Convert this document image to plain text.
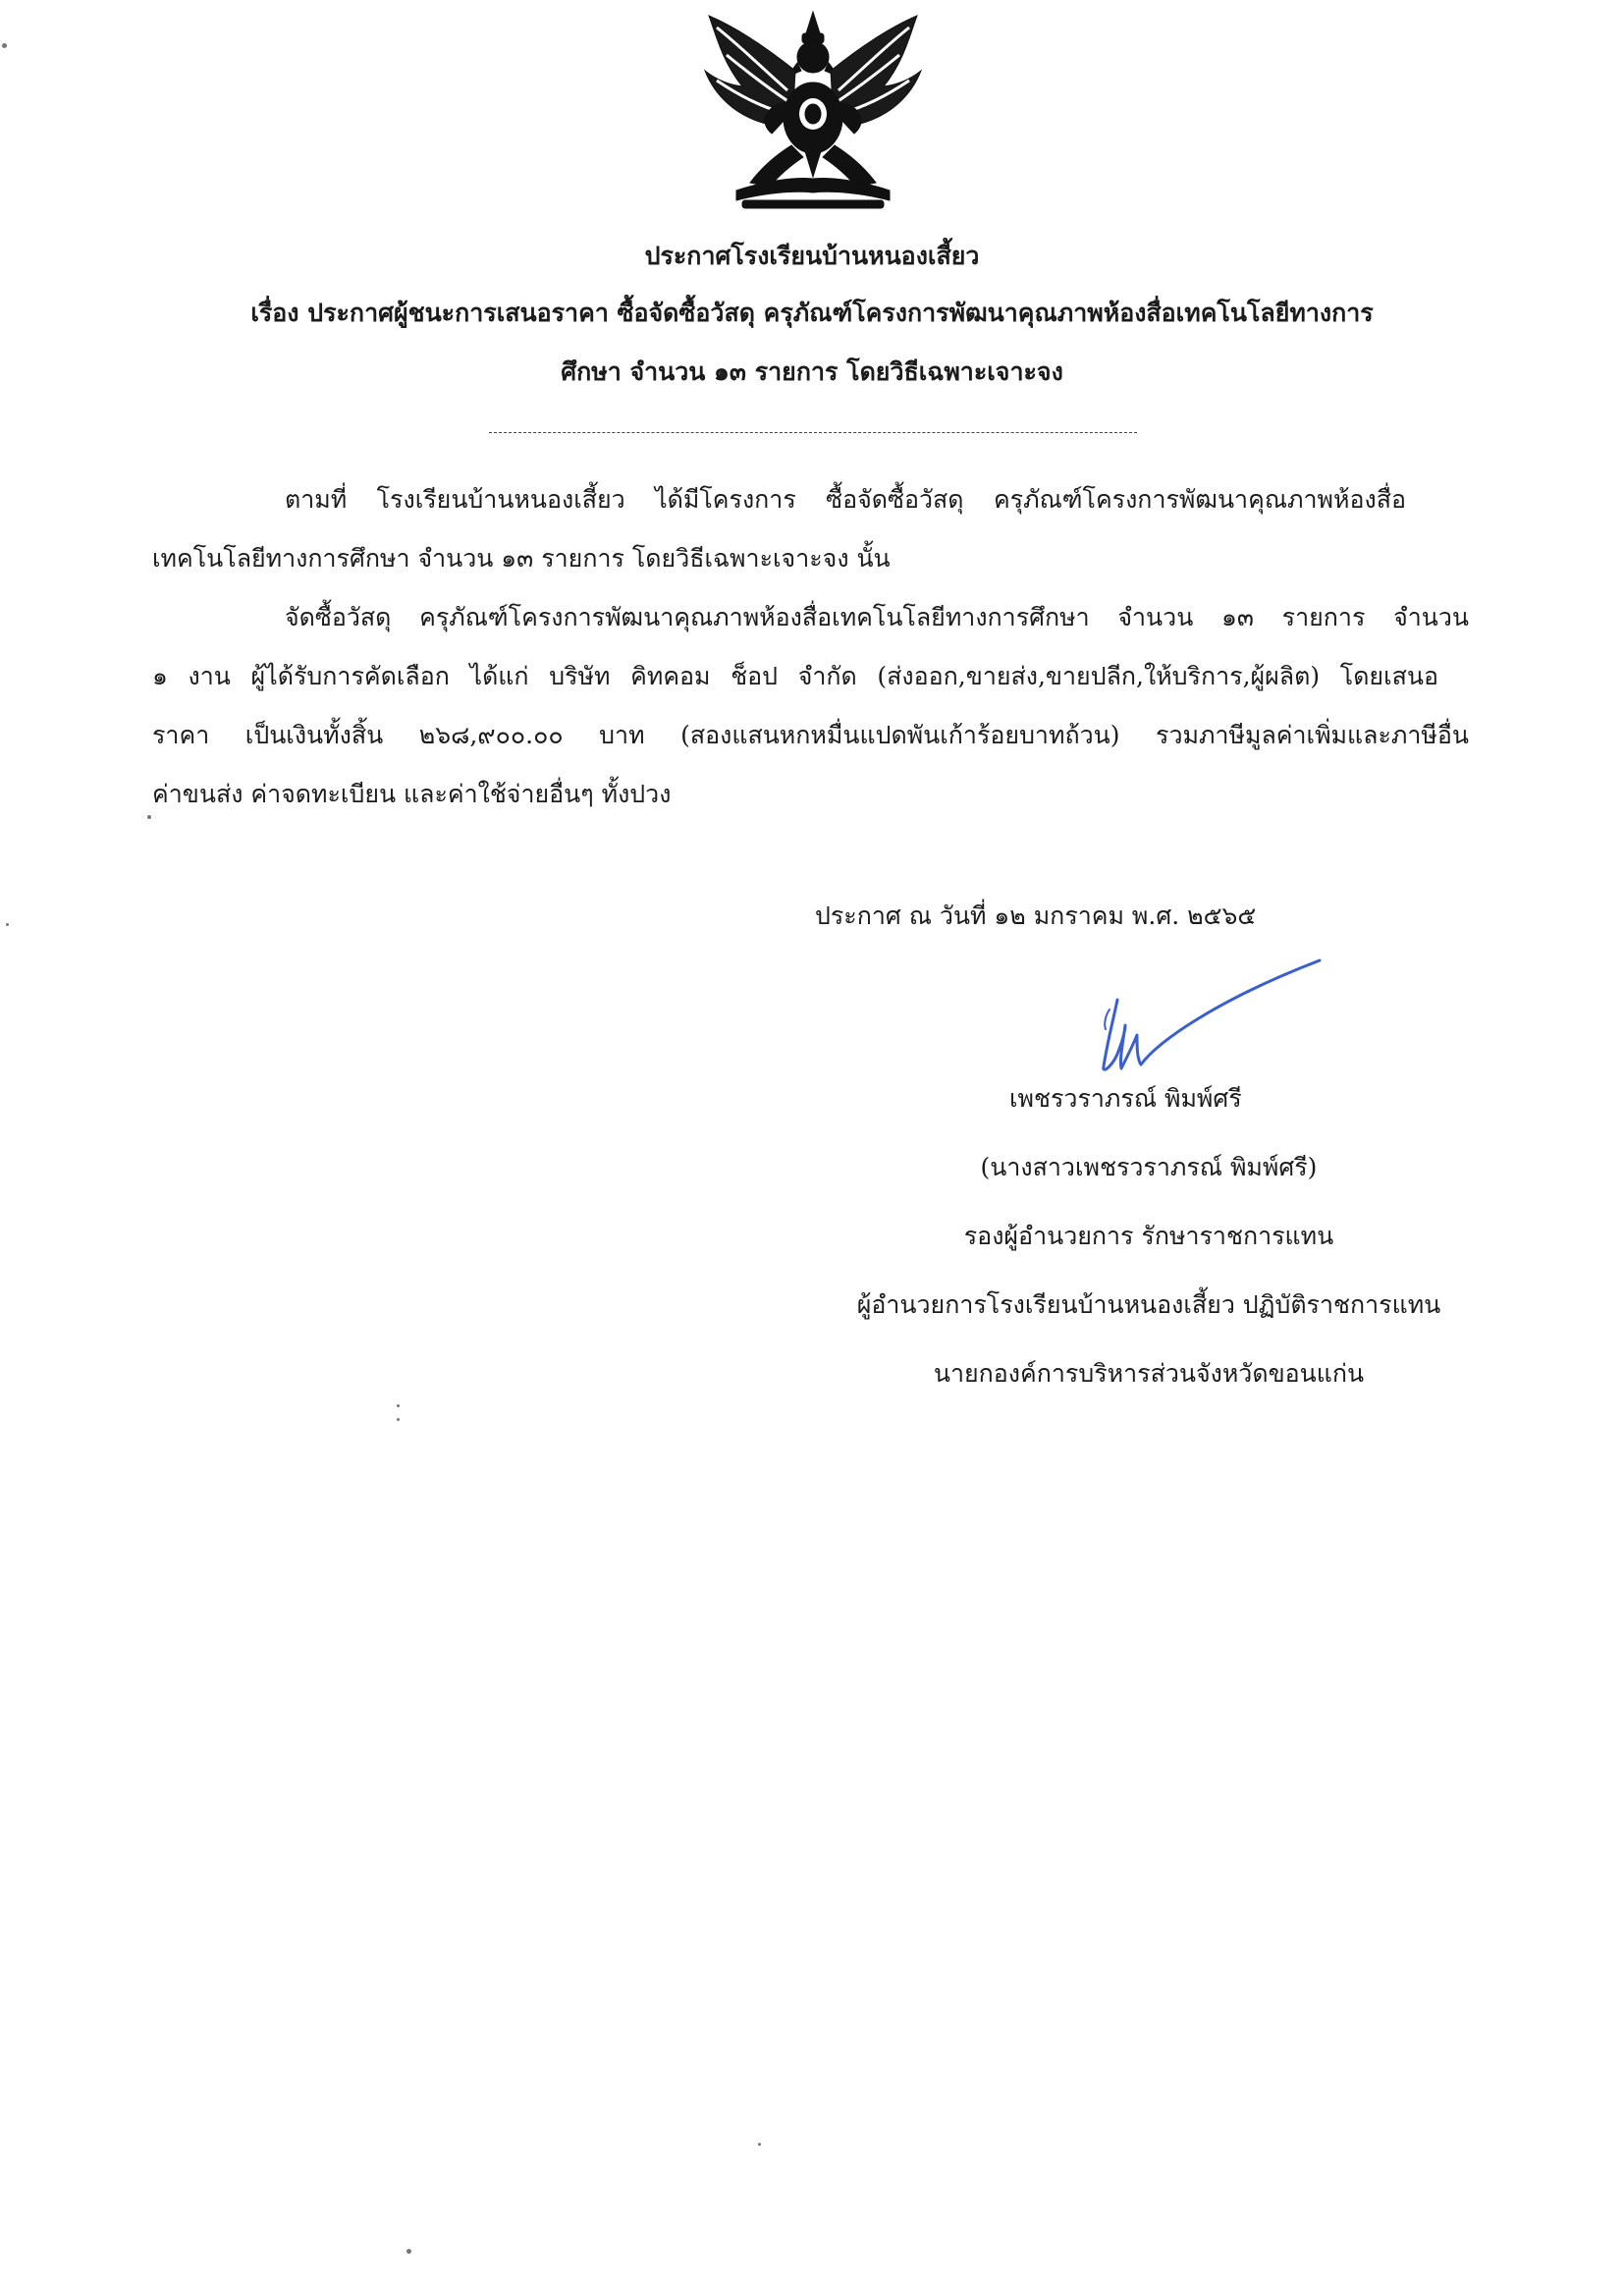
ประกาศโรงเรียนบ้านหนองเสี้ยว
เรื่อง ประกาศผู้ชนะการเสนอราคา ซื้อจัดซื้อวัสดุ ครุภัณฑ์โครงการพัฒนาคุณภาพห้องสื่อเทคโนโลยีทางการ
ศึกษา จำนวน ๑๓ รายการ โดยวิธีเฉพาะเจาะจง
ตามที่ โรงเรียนบ้านหนองเสี้ยว ได้มีโครงการ ซื้อจัดซื้อวัสดุ ครุภัณฑ์โครงการพัฒนาคุณภาพห้องสื่อ
เทคโนโลยีทางการศึกษา จำนวน ๑๓ รายการ โดยวิธีเฉพาะเจาะจง นั้น
จัดซื้อวัสดุ ครุภัณฑ์โครงการพัฒนาคุณภาพห้องสื่อเทคโนโลยีทางการศึกษา จำนวน ๑๓ รายการ จำนวน
๑ งาน ผู้ได้รับการคัดเลือก ได้แก่ บริษัท คิทคอม ช็อป จำกัด (ส่งออก,ขายส่ง,ขายปลีก,ให้บริการ,ผู้ผลิต) โดยเสนอ
ราคา เป็นเงินทั้งสิ้น ๒๖๘,๙๐๐.๐๐ บาท (สองแสนหกหมื่นแปดพันเก้าร้อยบาทถ้วน) รวมภาษีมูลค่าเพิ่มและภาษีอื่น
ค่าขนส่ง ค่าจดทะเบียน และค่าใช้จ่ายอื่นๆ ทั้งปวง
ประกาศ ณ วันที่ ๑๒ มกราคม พ.ศ. ๒๕๖๕
เพชรวราภรณ์ พิมพ์ศรี
(นางสาวเพชรวราภรณ์ พิมพ์ศรี)
รองผู้อำนวยการ รักษาราชการแทน
ผู้อำนวยการโรงเรียนบ้านหนองเสี้ยว ปฏิบัติราชการแทน
นายกองค์การบริหารส่วนจังหวัดขอนแก่น
